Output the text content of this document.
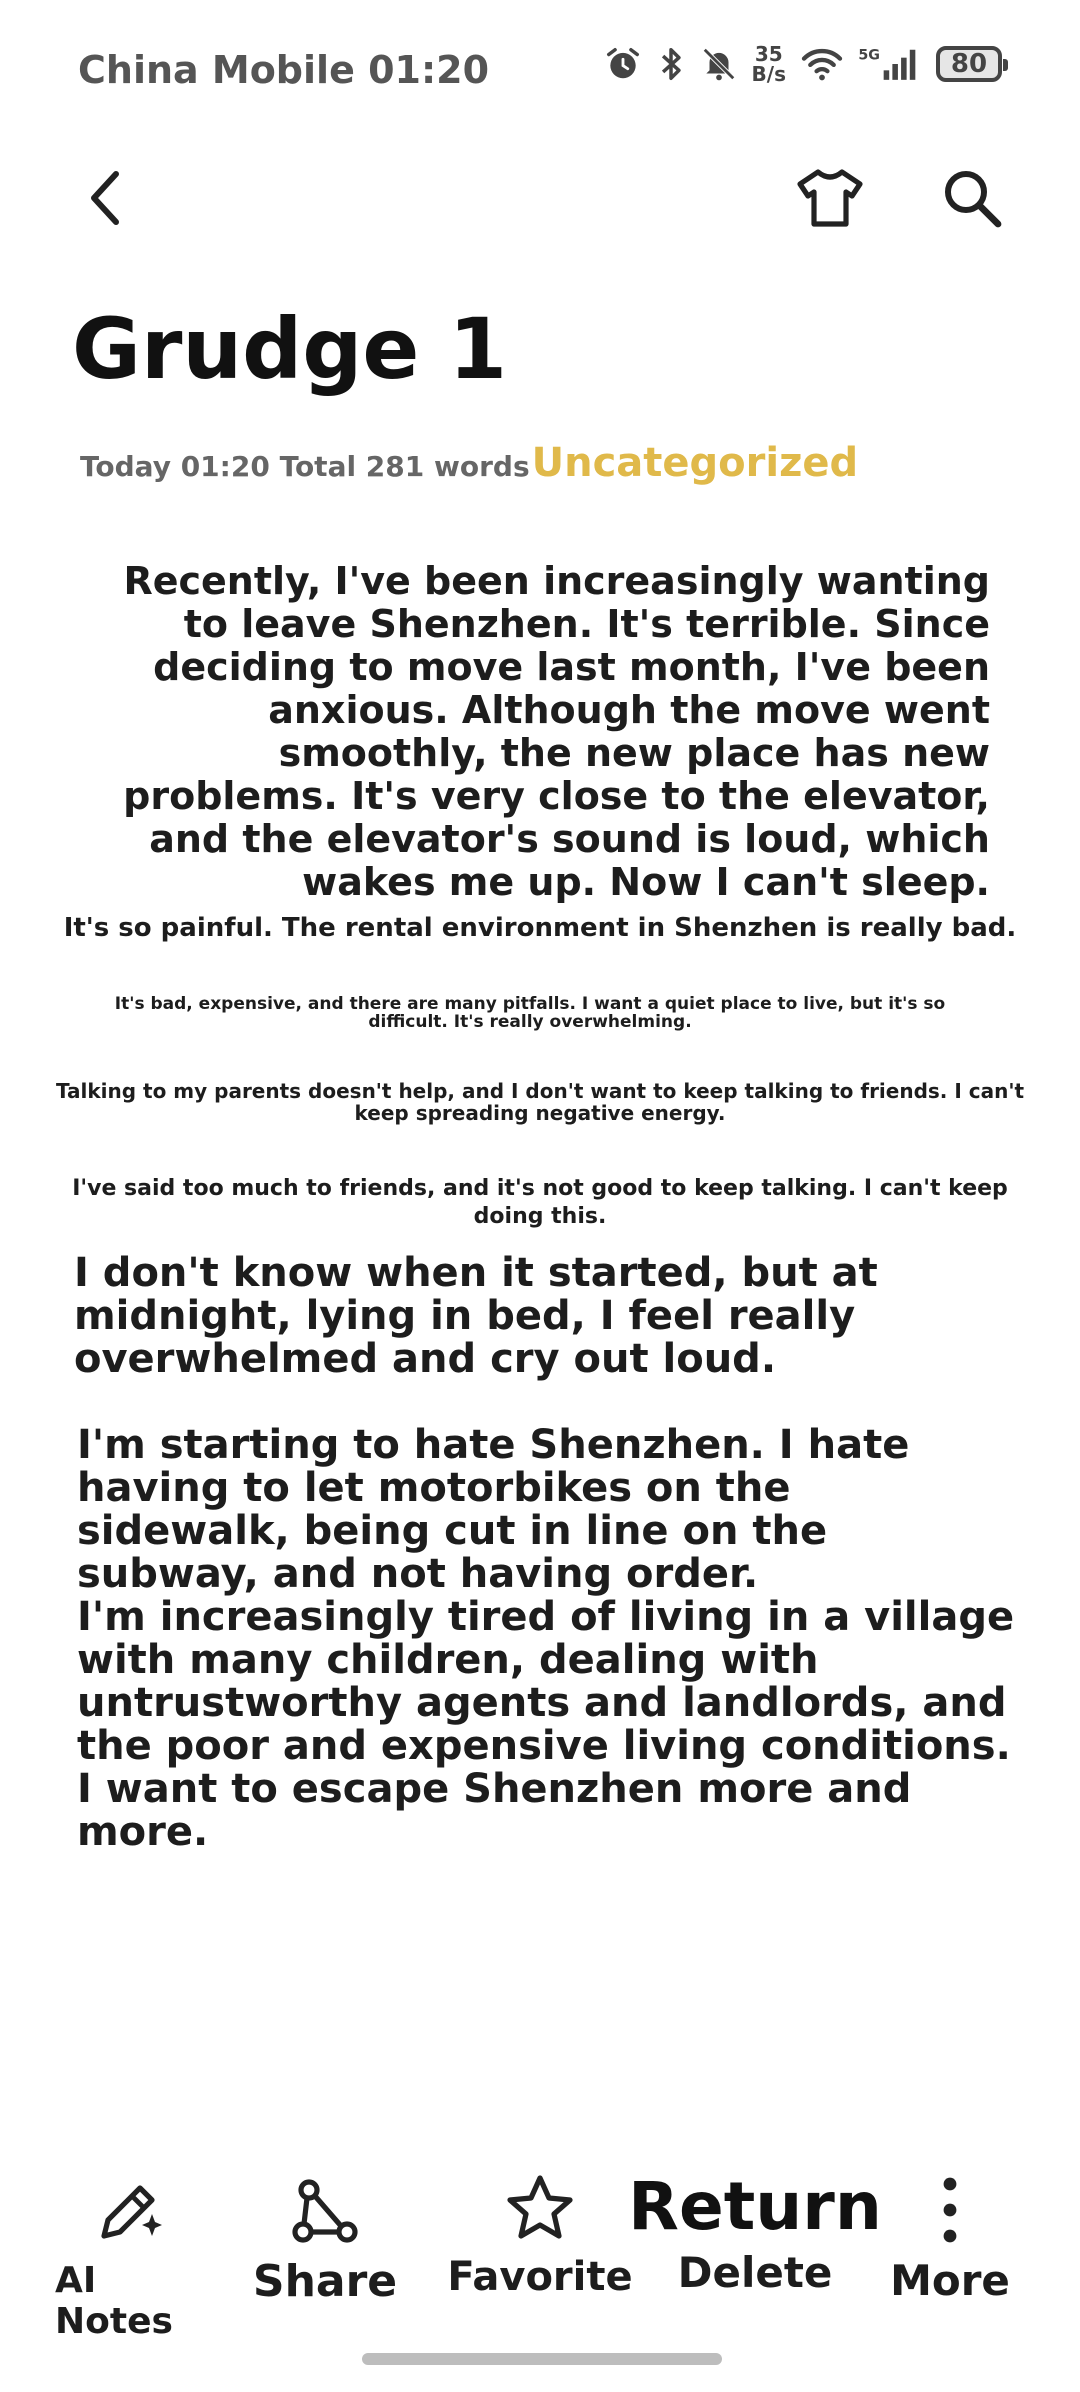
China Mobile 01:20	35
B/s
5G	80
Grudge 1
Today 01:20 Total 281 words Uncategorized
Recently, I've been increasingly wanting to leave Shenzhen. It's terrible. Since deciding to move last month, I've been anxious. Although the move went smoothly, the new place has new problems. It's very close to the elevator, and the elevator's sound is loud, which wakes me up. Now I can't sleep.
It's so painful. The rental environment in Shenzhen is really bad.
It's bad, expensive, and there are many pitfalls. I want a quiet place to live, but it's so difficult. It's really overwhelming.
Talking to my parents doesn't help, and I don't want to keep talking to friends. I can't keep spreading negative energy.
I've said too much to friends, and it's not good to keep talking. I can't keep doing this.
I don't know when it started, but at midnight, lying in bed, I feel really overwhelmed and cry out loud.
I'm starting to hate Shenzhen. I hate having to let motorbikes on the sidewalk, being cut in line on the subway, and not having order.
I'm increasingly tired of living in a village with many children, dealing with untrustworthy agents and landlords, and the poor and expensive living conditions. I want to escape Shenzhen more and more.
AI Notes
Share Favorite
Return
Delete More
